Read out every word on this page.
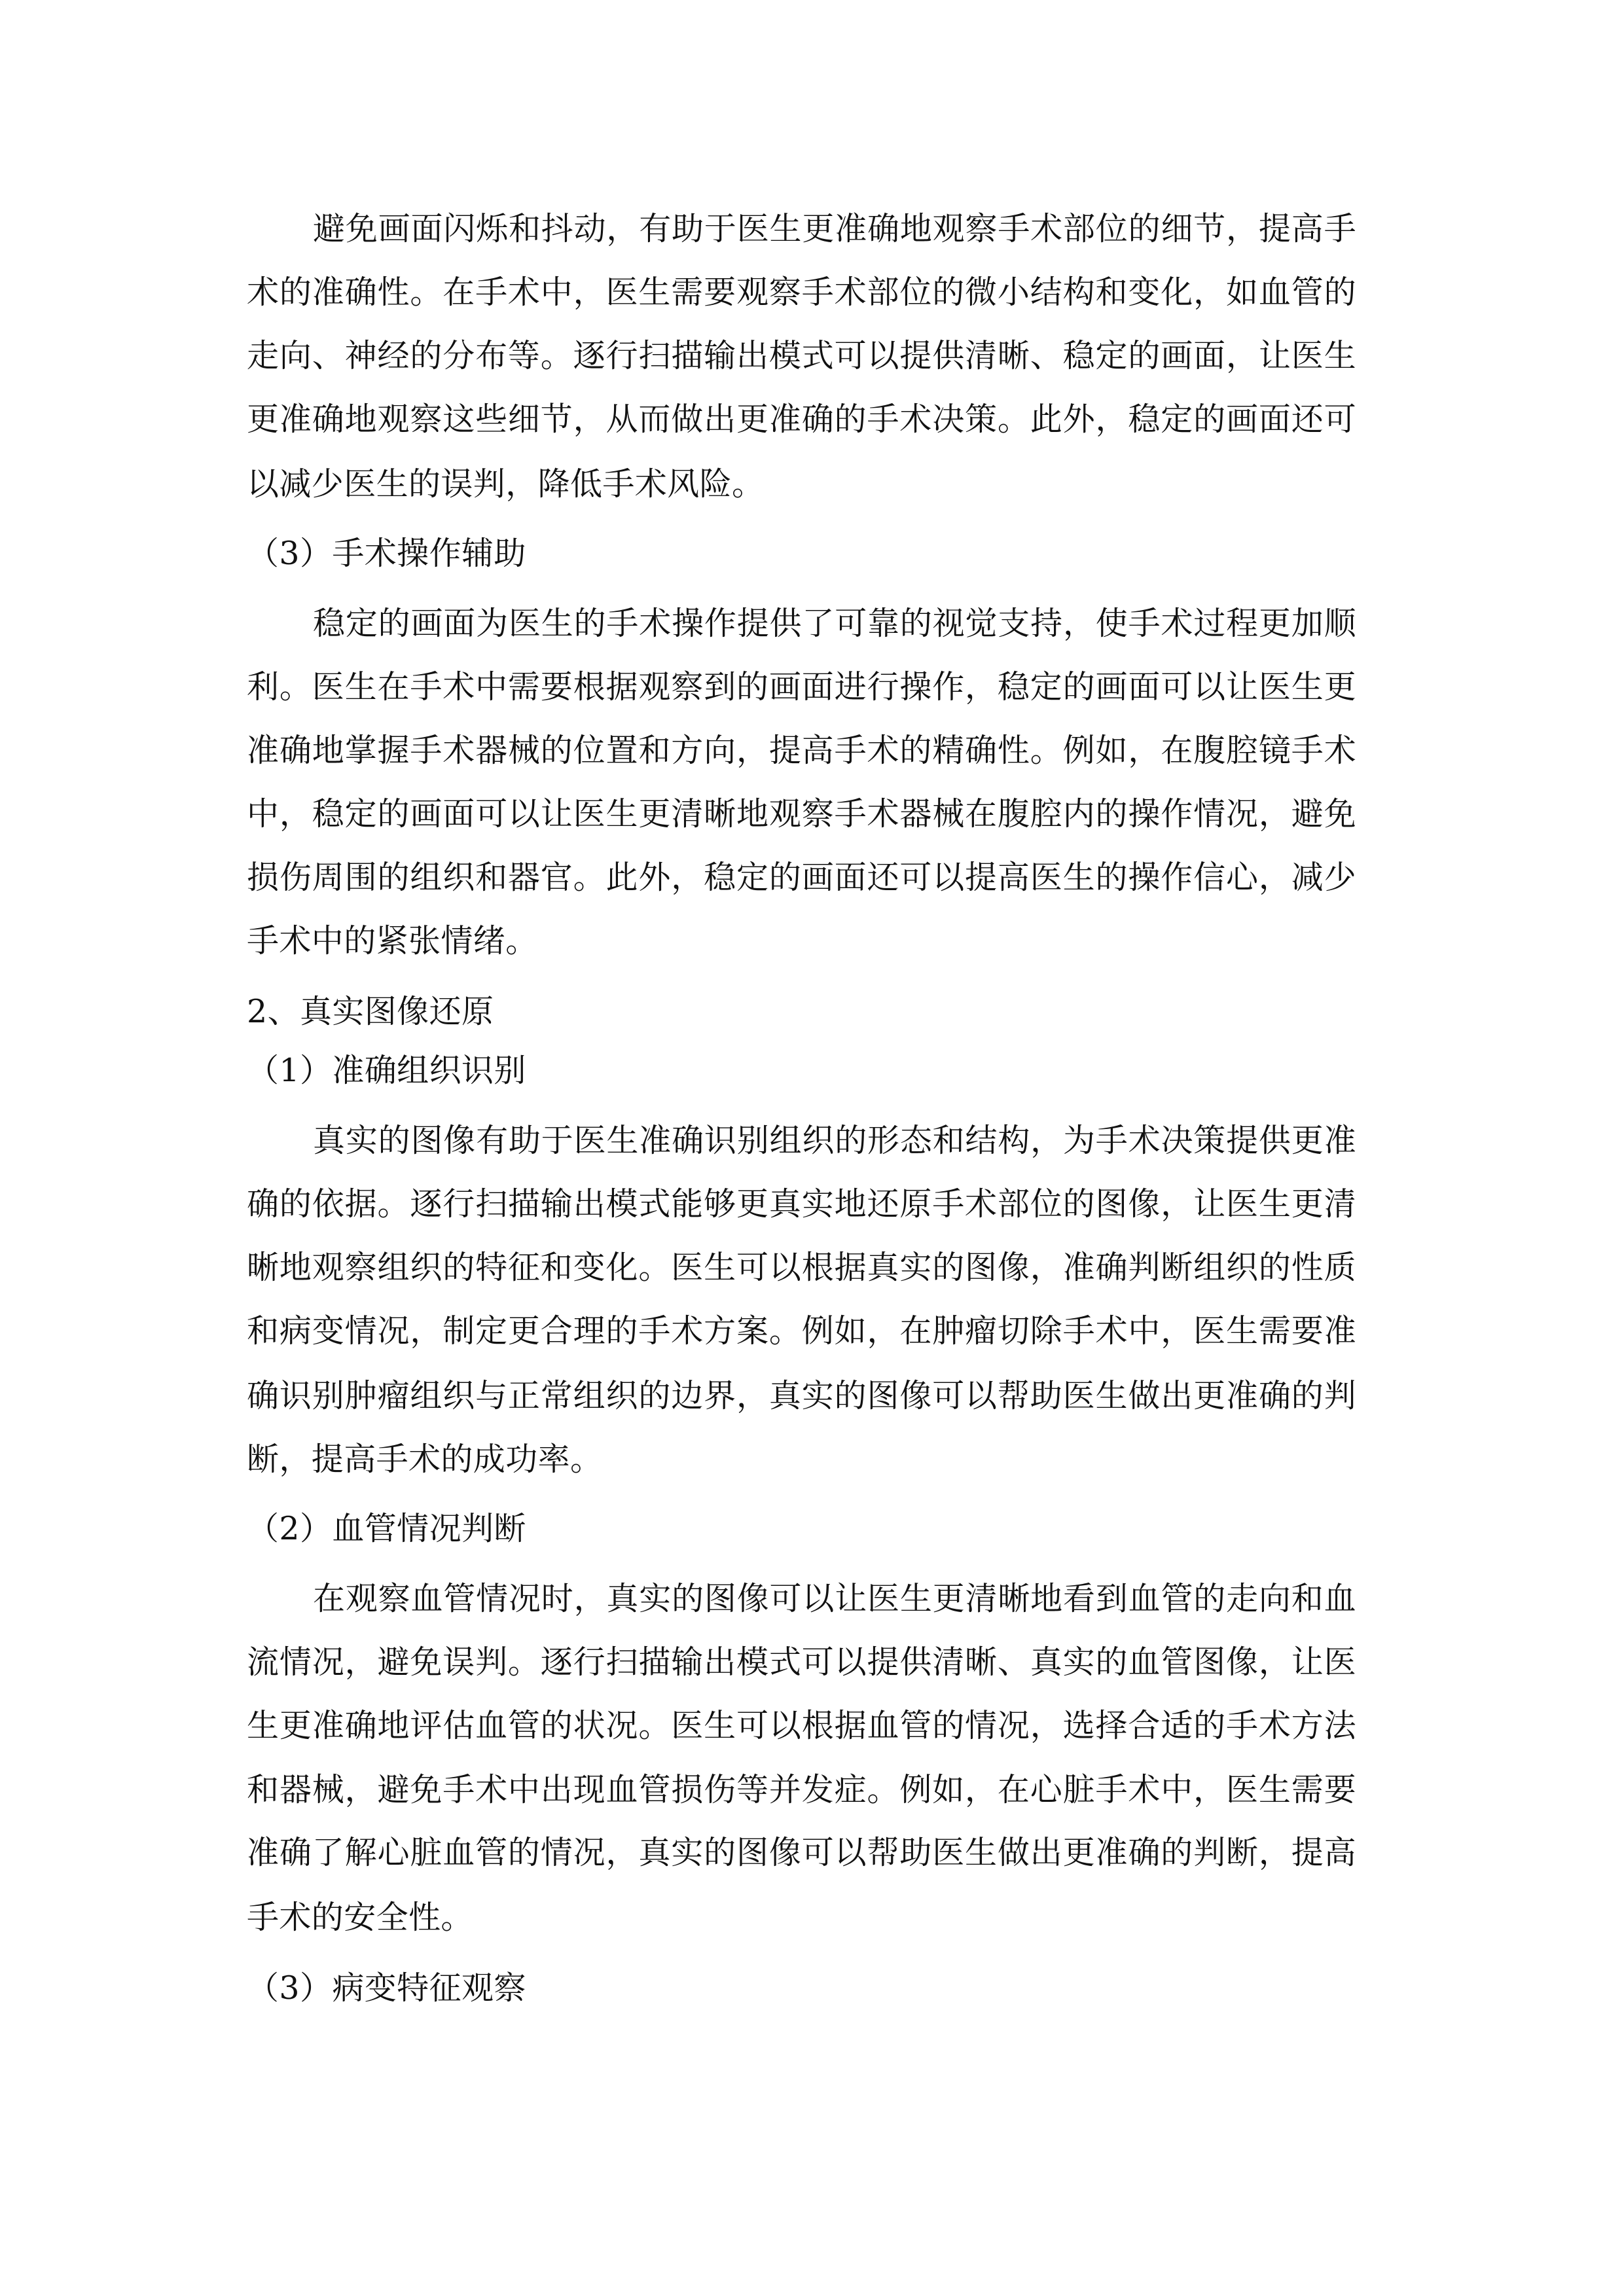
避免画面闪烁和抖动，有助于医生更准确地观察手术部位的细节，提高手
术的准确性。在手术中，医生需要观察手术部位的微小结构和变化，如血管的
走向、神经的分布等。逐行扫描输出模式可以提供清晰、稳定的画面，让医生
更准确地观察这些细节，从而做出更准确的手术决策。此外，稳定的画面还可
以减少医生的误判，降低手术风险。
（3）手术操作辅助
稳定的画面为医生的手术操作提供了可靠的视觉支持，使手术过程更加顺
利。医生在手术中需要根据观察到的画面进行操作，稳定的画面可以让医生更
准确地掌握手术器械的位置和方向，提高手术的精确性。例如，在腹腔镜手术
中，稳定的画面可以让医生更清晰地观察手术器械在腹腔内的操作情况，避免
损伤周围的组织和器官。此外，稳定的画面还可以提高医生的操作信心，减少
手术中的紧张情绪。
2、真实图像还原
（1）准确组织识别
真实的图像有助于医生准确识别组织的形态和结构，为手术决策提供更准
确的依据。逐行扫描输出模式能够更真实地还原手术部位的图像，让医生更清
晰地观察组织的特征和变化。医生可以根据真实的图像，准确判断组织的性质
和病变情况，制定更合理的手术方案。例如，在肿瘤切除手术中，医生需要准
确识别肿瘤组织与正常组织的边界，真实的图像可以帮助医生做出更准确的判
断，提高手术的成功率。
（2）血管情况判断
在观察血管情况时，真实的图像可以让医生更清晰地看到血管的走向和血
流情况，避免误判。逐行扫描输出模式可以提供清晰、真实的血管图像，让医
生更准确地评估血管的状况。医生可以根据血管的情况，选择合适的手术方法
和器械，避免手术中出现血管损伤等并发症。例如，在心脏手术中，医生需要
准确了解心脏血管的情况，真实的图像可以帮助医生做出更准确的判断，提高
手术的安全性。
（3）病变特征观察
